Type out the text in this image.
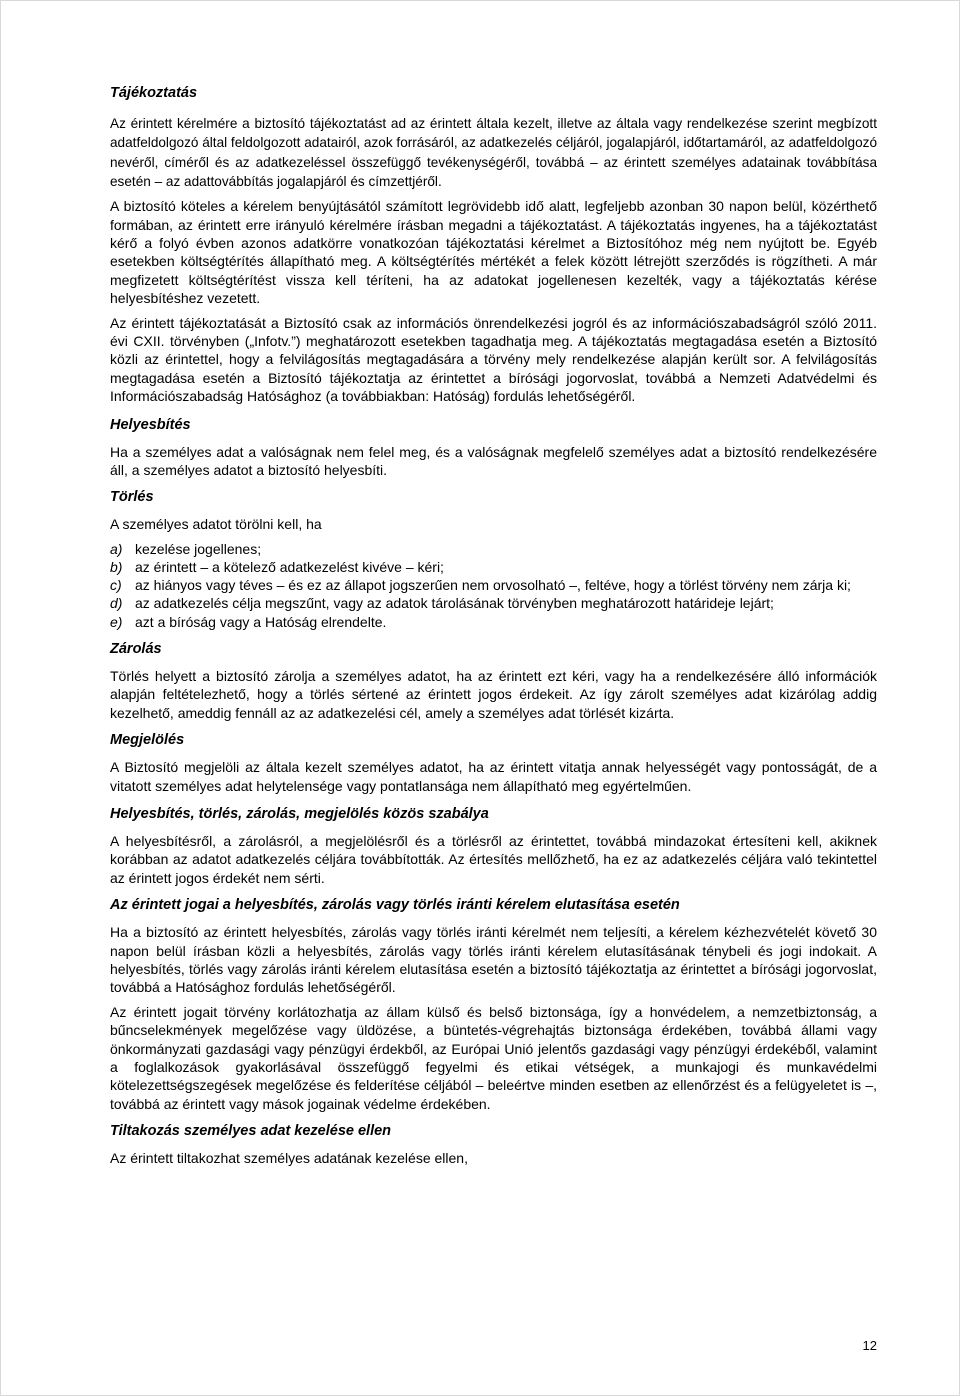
Tájékoztatás

Az érintett kérelmére a biztosító tájékoztatást ad az érintett általa kezelt, illetve az általa vagy rendelkezése szerint megbízott adatfeldolgozó által feldolgozott adatairól, azok forrásáról, az adatkezelés céljáról, jogalapjáról, időtartamáról, az adatfeldolgozó nevéről, címéről és az adatkezeléssel összefüggő tevékenységéről, továbbá – az érintett személyes adatainak továbbítása esetén – az adattovábbítás jogalapjáról és címzettjéről.

A biztosító köteles a kérelem benyújtásától számított legrövidebb idő alatt, legfeljebb azonban 30 napon belül, közérthető formában, az érintett erre irányuló kérelmére írásban megadni a tájékoztatást. A tájékoztatás ingyenes, ha a tájékoztatást kérő a folyó évben azonos adatkörre vonatkozóan tájékoztatási kérelmet a Biztosítóhoz még nem nyújtott be. Egyéb esetekben költségtérítés állapítható meg. A költségtérítés mértékét a felek között létrejött szerződés is rögzítheti. A már megfizetett költségtérítést vissza kell téríteni, ha az adatokat jogellenesen kezelték, vagy a tájékoztatás kérése helyesbítéshez vezetett.

Az érintett tájékoztatását a Biztosító csak az információs önrendelkezési jogról és az információszabadságról szóló 2011. évi CXII. törvényben („Infotv.”) meghatározott esetekben tagadhatja meg. A tájékoztatás megtagadása esetén a Biztosító közli az érintettel, hogy a felvilágosítás megtagadására a törvény mely rendelkezése alapján került sor. A felvilágosítás megtagadása esetén a Biztosító tájékoztatja az érintettet a bírósági jogorvoslat, továbbá a Nemzeti Adatvédelmi és Információszabadság Hatósághoz (a továbbiakban: Hatóság) fordulás lehetőségéről.

Helyesbítés

Ha a személyes adat a valóságnak nem felel meg, és a valóságnak megfelelő személyes adat a biztosító rendelkezésére áll, a személyes adatot a biztosító helyesbíti.

Törlés

A személyes adatot törölni kell, ha

a) kezelése jogellenes;
b) az érintett – a kötelező adatkezelést kivéve – kéri;
c) az hiányos vagy téves – és ez az állapot jogszerűen nem orvosolható –, feltéve, hogy a törlést törvény nem zárja ki;
d) az adatkezelés célja megszűnt, vagy az adatok tárolásának törvényben meghatározott határideje lejárt;
e) azt a bíróság vagy a Hatóság elrendelte.

Zárolás

Törlés helyett a biztosító zárolja a személyes adatot, ha az érintett ezt kéri, vagy ha a rendelkezésére álló információk alapján feltételezhető, hogy a törlés sértené az érintett jogos érdekeit. Az így zárolt személyes adat kizárólag addig kezelhető, ameddig fennáll az az adatkezelési cél, amely a személyes adat törlését kizárta.

Megjelölés

A Biztosító megjelöli az általa kezelt személyes adatot, ha az érintett vitatja annak helyességét vagy pontosságát, de a vitatott személyes adat helytelensége vagy pontatlansága nem állapítható meg egyértelműen.

Helyesbítés, törlés, zárolás, megjelölés közös szabálya

A helyesbítésről, a zárolásról, a megjelölésről és a törlésről az érintettet, továbbá mindazokat értesíteni kell, akiknek korábban az adatot adatkezelés céljára továbbították. Az értesítés mellőzhető, ha ez az adatkezelés céljára való tekintettel az érintett jogos érdekét nem sérti.

Az érintett jogai a helyesbítés, zárolás vagy törlés iránti kérelem elutasítása esetén

Ha a biztosító az érintett helyesbítés, zárolás vagy törlés iránti kérelmét nem teljesíti, a kérelem kézhezvételét követő 30 napon belül írásban közli a helyesbítés, zárolás vagy törlés iránti kérelem elutasításának ténybeli és jogi indokait. A helyesbítés, törlés vagy zárolás iránti kérelem elutasítása esetén a biztosító tájékoztatja az érintettet a bírósági jogorvoslat, továbbá a Hatósághoz fordulás lehetőségéről.

Az érintett jogait törvény korlátozhatja az állam külső és belső biztonsága, így a honvédelem, a nemzetbiztonság, a bűncselekmények megelőzése vagy üldözése, a büntetés-végrehajtás biztonsága érdekében, továbbá állami vagy önkormányzati gazdasági vagy pénzügyi érdekből, az Európai Unió jelentős gazdasági vagy pénzügyi érdekéből, valamint a foglalkozások gyakorlásával összefüggő fegyelmi és etikai vétségek, a munkajogi és munkavédelmi kötelezettségszegések megelőzése és felderítése céljából – beleértve minden esetben az ellenőrzést és a felügyeletet is –, továbbá az érintett vagy mások jogainak védelme érdekében.

Tiltakozás személyes adat kezelése ellen

Az érintett tiltakozhat személyes adatának kezelése ellen,

12
